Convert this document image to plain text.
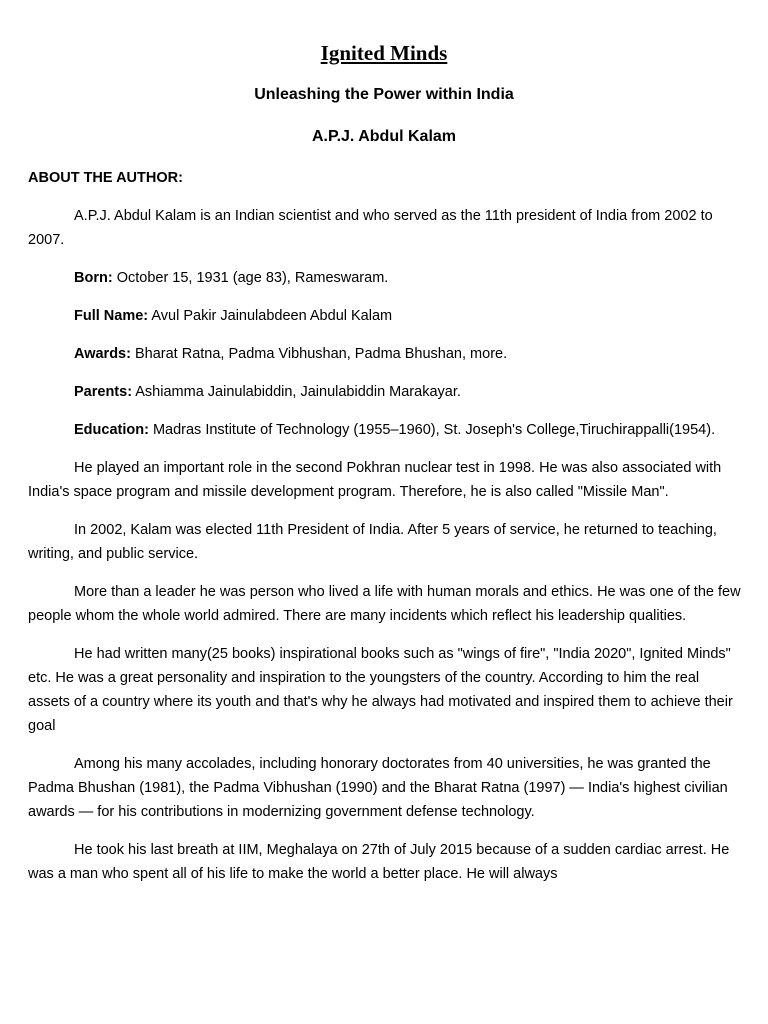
Ignited Minds
Unleashing the Power within India
A.P.J. Abdul Kalam
ABOUT THE AUTHOR:
A.P.J. Abdul Kalam is an Indian scientist and who served as the 11th president of India from 2002 to 2007.
Born: October 15, 1931 (age 83), Rameswaram.
Full Name: Avul Pakir Jainulabdeen Abdul Kalam
Awards: Bharat Ratna, Padma Vibhushan, Padma Bhushan, more.
Parents: Ashiamma Jainulabiddin, Jainulabiddin Marakayar.
Education: Madras Institute of Technology (1955–1960), St. Joseph's College,Tiruchirappalli(1954).
He played an important role in the second Pokhran nuclear test in 1998. He was also associated with India's space program and missile development program. Therefore, he is also called "Missile Man".
In 2002, Kalam was elected 11th President of India. After 5 years of service, he returned to teaching, writing, and public service.
More than a leader he was person who lived a life with human morals and ethics. He was one of the few people whom the whole world admired. There are many incidents which reflect his leadership qualities.
He had written many(25 books) inspirational books such as "wings of fire", "India 2020", Ignited Minds" etc. He was a great personality and inspiration to the youngsters of the country. According to him the real assets of a country where its youth and that's why he always had motivated and inspired them to achieve their goal
Among his many accolades, including honorary doctorates from 40 universities, he was granted the Padma Bhushan (1981), the Padma Vibhushan (1990) and the Bharat Ratna (1997) — India's highest civilian awards — for his contributions in modernizing government defense technology.
He took his last breath at IIM, Meghalaya on 27th of July 2015 because of a sudden cardiac arrest. He was a man who spent all of his life to make the world a better place. He will always
